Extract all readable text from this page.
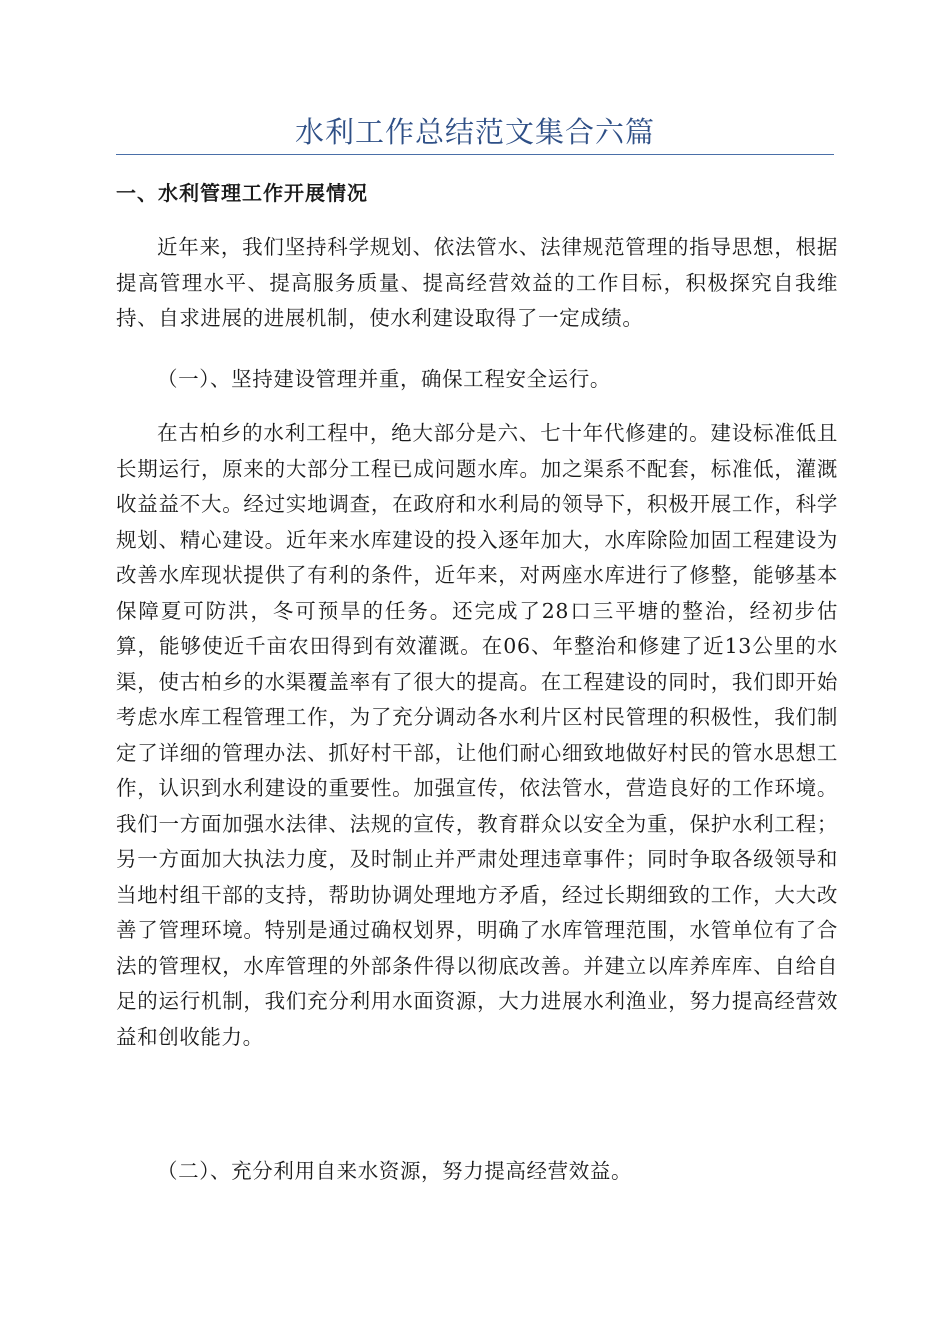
水利工作总结范文集合六篇
一、水利管理工作开展情况

近年来，我们坚持科学规划、依法管水、法律规范管理的指导思想，根据提高管理水平、提高服务质量、提高经营效益的工作目标，积极探究自我维持、自求进展的进展机制，使水利建设取得了一定成绩。

（一）、坚持建设管理并重，确保工程安全运行。

在古柏乡的水利工程中，绝大部分是六、七十年代修建的。建设标准低且长期运行，原来的大部分工程已成问题水库。加之渠系不配套，标准低，灌溉收益益不大。经过实地调查，在政府和水利局的领导下，积极开展工作，科学规划、精心建设。近年来水库建设的投入逐年加大，水库除险加固工程建设为改善水库现状提供了有利的条件，近年来，对两座水库进行了修整，能够基本保障夏可防洪，冬可预旱的任务。还完成了28口三平塘的整治，经初步估算，能够使近千亩农田得到有效灌溉。在06、年整治和修建了近13公里的水渠，使古柏乡的水渠覆盖率有了很大的提高。在工程建设的同时，我们即开始考虑水库工程管理工作，为了充分调动各水利片区村民管理的积极性，我们制定了详细的管理办法、抓好村干部，让他们耐心细致地做好村民的管水思想工作，认识到水利建设的重要性。加强宣传，依法管水，营造良好的工作环境。我们一方面加强水法律、法规的宣传，教育群众以安全为重，保护水利工程；另一方面加大执法力度，及时制止并严肃处理违章事件；同时争取各级领导和当地村组干部的支持，帮助协调处理地方矛盾，经过长期细致的工作，大大改善了管理环境。特别是通过确权划界，明确了水库管理范围，水管单位有了合法的管理权，水库管理的外部条件得以彻底改善。并建立以库养库库、自给自足的运行机制，我们充分利用水面资源，大力进展水利渔业，努力提高经营效益和创收能力。

（二）、充分利用自来水资源，努力提高经营效益。
